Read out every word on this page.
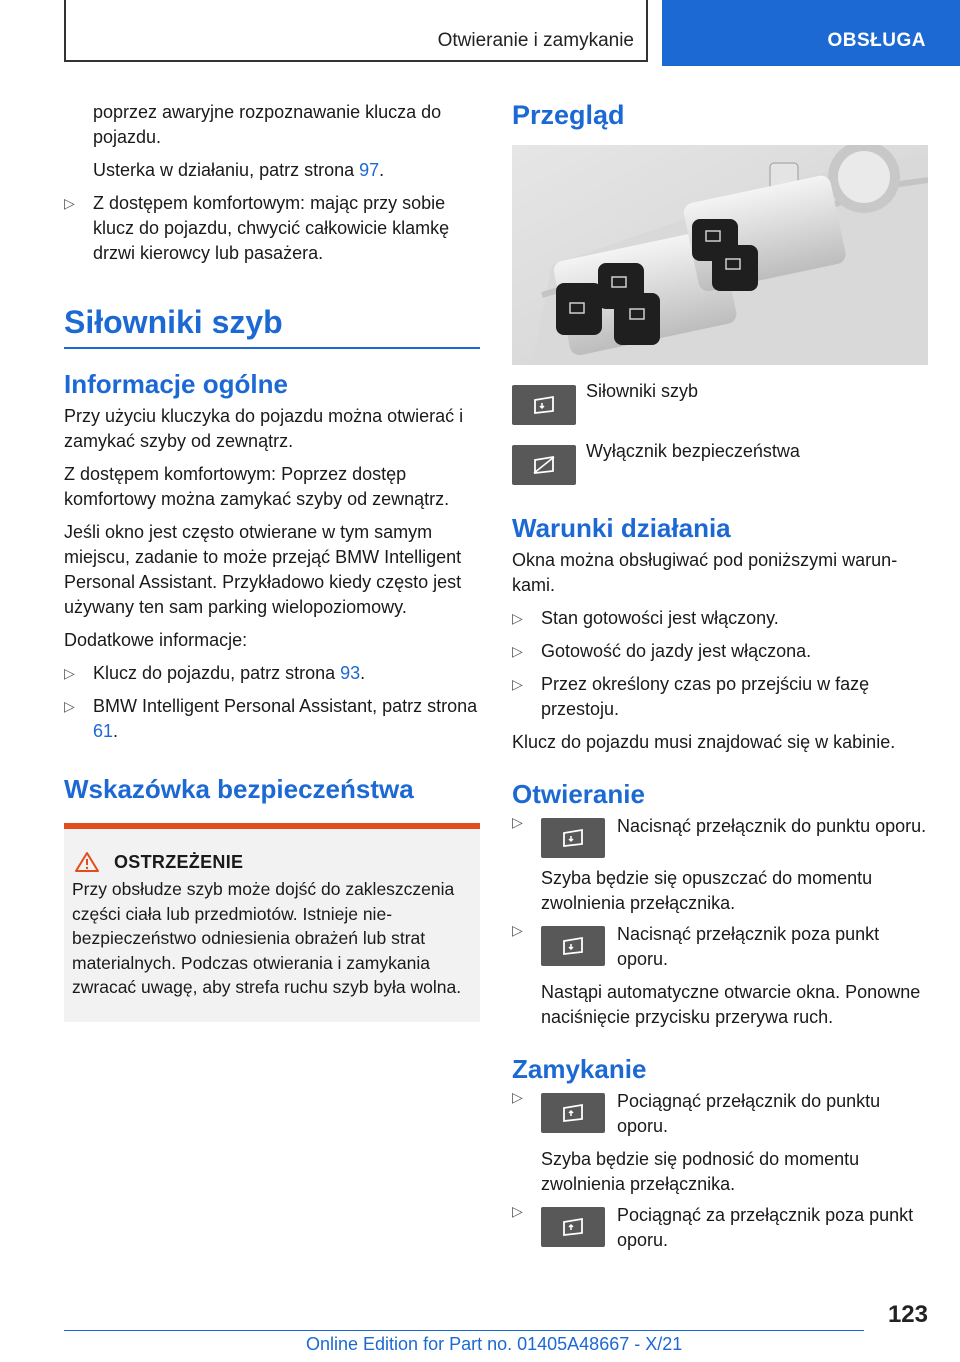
Otwieranie i zamykanie	OBSŁUGA

poprzez awaryjne rozpoznawanie klucza do pojazdu.

Usterka w działaniu, patrz strona 97.

▷ Z dostępem komfortowym: mając przy sobie klucz do pojazdu, chwycić całkowicie klamkę drzwi kierowcy lub pasażera.
Siłowniki szyb
Informacje ogólne

Przy użyciu kluczyka do pojazdu można otwierać i zamykać szyby od zewnątrz.

Z dostępem komfortowym: Poprzez dostęp komfortowy można zamykać szyby od zewnątrz.

Jeśli okno jest często otwierane w tym samym miejscu, zadanie to może przejąć BMW Intelligent Personal Assistant. Przykładowo kiedy często jest używany ten sam parking wielopoziomowy.

Dodatkowe informacje:

▷ Klucz do pojazdu, patrz strona 93.
▷ BMW Intelligent Personal Assistant, patrz strona 61.
Wskazówka bezpieczeństwa
OSTRZEŻENIE

Przy obsłudze szyb może dojść do zakleszczenia części ciała lub przedmiotów. Istnieje niebezpieczeństwo odniesienia obrażeń lub strat materialnych. Podczas otwierania i zamykania zwracać uwagę, aby strefa ruchu szyb była wolna.

Przegląd
Siłowniki szyb
Wyłącznik bezpieczeństwa
Warunki działania

Okna można obsługiwać pod poniższymi warunkami.

▷ Stan gotowości jest włączony.
▷ Gotowość do jazdy jest włączona.
▷ Przez określony czas po przejściu w fazę przestoju.

Klucz do pojazdu musi znajdować się w kabinie.

Otwieranie
▷	Nacisnąć przełącznik do punktu oporu.
Szyba będzie się opuszczać do momentu zwolnienia przełącznika.
▷	Nacisnąć przełącznik poza punkt oporu.
Nastąpi automatyczne otwarcie okna. Ponowne naciśnięcie przycisku przerywa ruch.
Zamykanie
▷	Pociągnąć przełącznik do punktu oporu.
Szyba będzie się podnosić do momentu zwolnienia przełącznika.
▷	Pociągnąć za przełącznik poza punkt oporu.
123
Online Edition for Part no. 01405A48667 - X/21
